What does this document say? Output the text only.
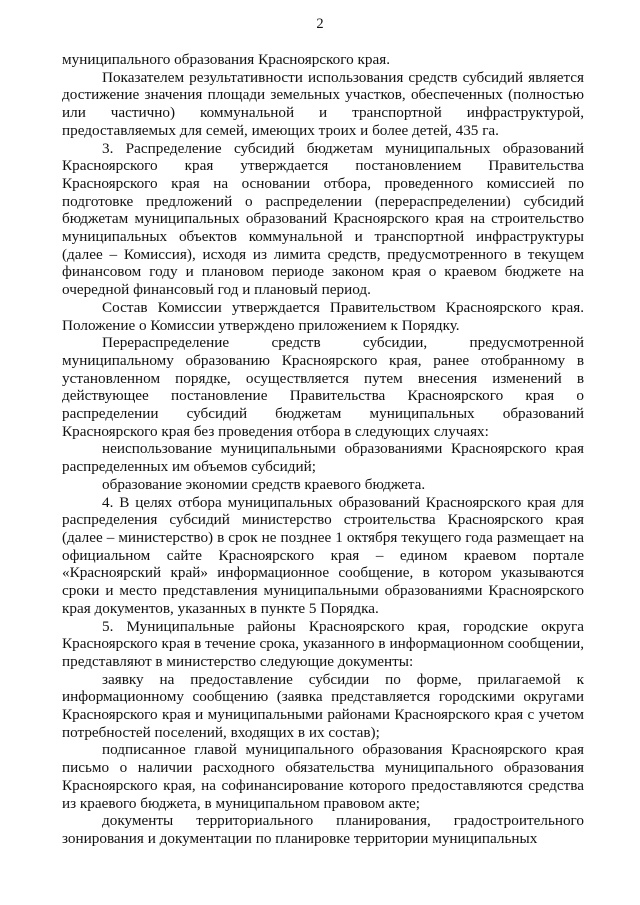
2

муниципального образования Красноярского края.

Показателем результативности использования средств субсидий является достижение значения площади земельных участков, обеспеченных (полностью или частично) коммунальной и транспортной инфраструктурой, предоставляемых для семей, имеющих троих и более детей, 435 га.

3. Распределение субсидий бюджетам муниципальных образований Красноярского края утверждается постановлением Правительства Красноярского края на основании отбора, проведенного комиссией по подготовке предложений о распределении (перераспределении) субсидий бюджетам муниципальных образований Красноярского края на строительство муниципальных объектов коммунальной и транспортной инфраструктуры (далее – Комиссия), исходя из лимита средств, предусмотренного в текущем финансовом году и плановом периоде законом края о краевом бюджете на очередной финансовый год и плановый период.

Состав Комиссии утверждается Правительством Красноярского края. Положение о Комиссии утверждено приложением к Порядку.

Перераспределение средств субсидии, предусмотренной муниципальному образованию Красноярского края, ранее отобранному в установленном порядке, осуществляется путем внесения изменений в действующее постановление Правительства Красноярского края о распределении субсидий бюджетам муниципальных образований Красноярского края без проведения отбора в следующих случаях:

неиспользование муниципальными образованиями Красноярского края распределенных им объемов субсидий;

образование экономии средств краевого бюджета.

4. В целях отбора муниципальных образований Красноярского края для распределения субсидий министерство строительства Красноярского края (далее – министерство) в срок не позднее 1 октября текущего года размещает на официальном сайте Красноярского края – едином краевом портале «Красноярский край» информационное сообщение, в котором указываются сроки и место представления муниципальными образованиями Красноярского края документов, указанных в пункте 5 Порядка.

5. Муниципальные районы Красноярского края, городские округа Красноярского края в течение срока, указанного в информационном сообщении, представляют в министерство следующие документы:

заявку на предоставление субсидии по форме, прилагаемой к информационному сообщению (заявка представляется городскими округами Красноярского края и муниципальными районами Красноярского края с учетом потребностей поселений, входящих в их состав);

подписанное главой муниципального образования Красноярского края письмо о наличии расходного обязательства муниципального образования Красноярского края, на софинансирование которого предоставляются средства из краевого бюджета, в муниципальном правовом акте;

документы территориального планирования, градостроительного зонирования и документации по планировке территории муниципальных
